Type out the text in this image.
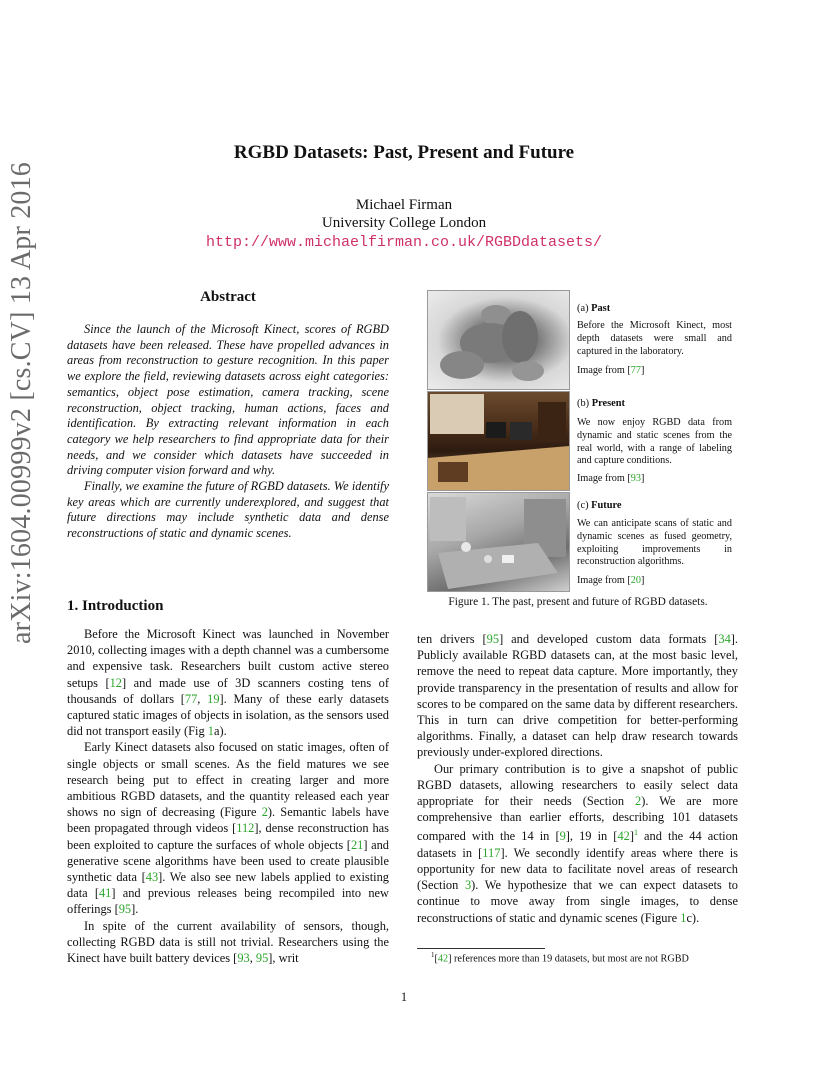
arXiv:1604.00999v2 [cs.CV] 13 Apr 2016
RGBD Datasets: Past, Present and Future
Michael Firman
University College London
http://www.michaelfirman.co.uk/RGBDdatasets/
Abstract

Since the launch of the Microsoft Kinect, scores of RGBD datasets have been released. These have propelled advances in areas from reconstruction to gesture recognition. In this paper we explore the field, reviewing datasets across eight categories: semantics, object pose estimation, camera tracking, scene reconstruction, object tracking, human actions, faces and identification. By extracting relevant information in each category we help researchers to find appropriate data for their needs, and we consider which datasets have succeeded in driving computer vision forward and why.

Finally, we examine the future of RGBD datasets. We identify key areas which are currently underexplored, and suggest that future directions may include synthetic data and dense reconstructions of static and dynamic scenes.

1. Introduction

Before the Microsoft Kinect was launched in November 2010, collecting images with a depth channel was a cumbersome and expensive task. Researchers built custom active stereo setups [12] and made use of 3D scanners costing tens of thousands of dollars [77, 19]. Many of these early datasets captured static images of objects in isolation, as the sensors used did not transport easily (Fig 1a).

Early Kinect datasets also focused on static images, often of single objects or small scenes. As the field matures we see research being put to effect in creating larger and more ambitious RGBD datasets, and the quantity released each year shows no sign of decreasing (Figure 2). Semantic labels have been propagated through videos [112], dense reconstruction has been exploited to capture the surfaces of whole objects [21] and generative scene algorithms have been used to create plausible synthetic data [43]. We also see new labels applied to existing data [41] and previous releases being recompiled into new offerings [95].

In spite of the current availability of sensors, though, collecting RGBD data is still not trivial. Researchers using the Kinect have built battery devices [93, 95], writ

(a) Past
Before the Microsoft Kinect, most depth datasets were small and captured in the laboratory.
Image from [77]
(b) Present
We now enjoy RGBD data from dynamic and static scenes from the real world, with a range of labeling and capture conditions.
Image from [93]
(c) Future
We can anticipate scans of static and dynamic scenes as fused geometry, exploiting improvements in reconstruction algorithms.
Image from [20]
Figure 1. The past, present and future of RGBD datasets.

ten drivers [95] and developed custom data formats [34]. Publicly available RGBD datasets can, at the most basic level, remove the need to repeat data capture. More importantly, they provide transparency in the presentation of results and allow for scores to be compared on the same data by different researchers. This in turn can drive competition for better-performing algorithms. Finally, a dataset can help draw research towards previously under-explored directions.

Our primary contribution is to give a snapshot of public RGBD datasets, allowing researchers to easily select data appropriate for their needs (Section 2). We are more comprehensive than earlier efforts, describing 101 datasets compared with the 14 in [9], 19 in [42]$^1$ and the 44 action datasets in [117]. We secondly identify areas where there is opportunity for new data to facilitate novel areas of research (Section 3). We hypothesize that we can expect datasets to continue to move away from single images, to dense reconstructions of static and dynamic scenes (Figure 1c).

$^1$[42] references more than 19 datasets, but most are not RGBD
1
